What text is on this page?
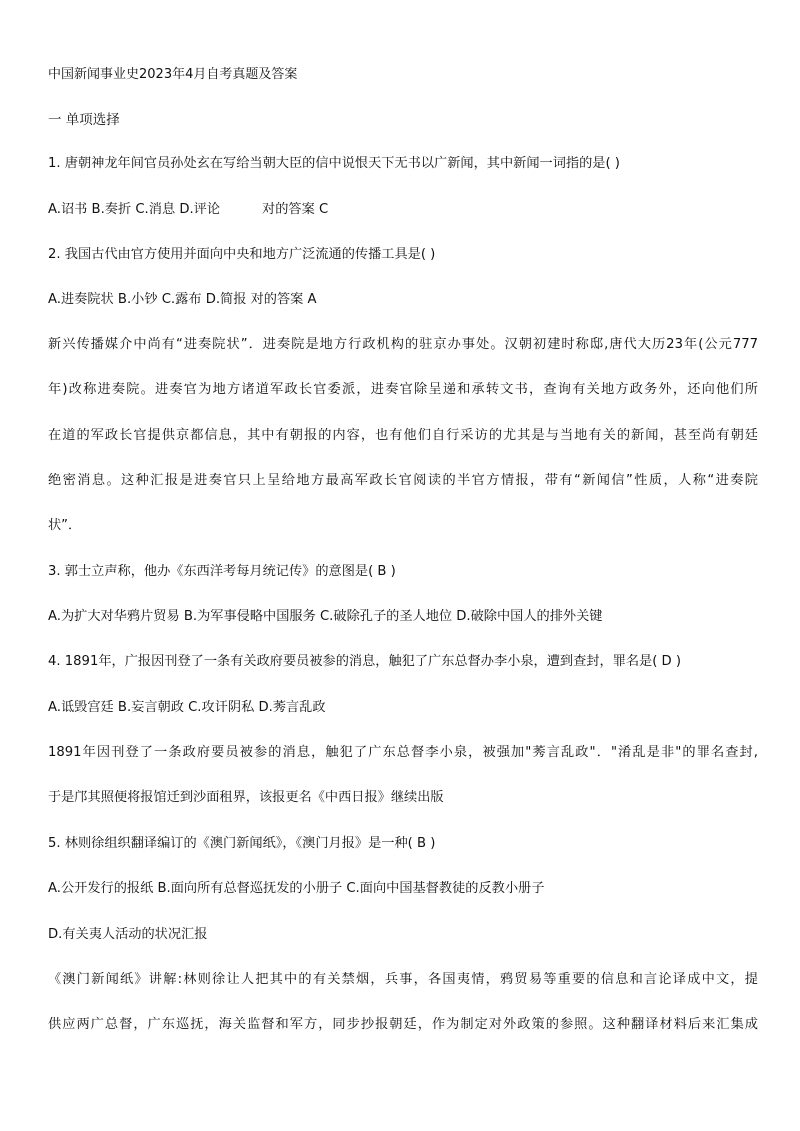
中国新闻事业史2023年4月自考真题及答案
一 单项选择
1. 唐朝神龙年间官员孙处玄在写给当朝大臣的信中说恨天下无书以广新闻，其中新闻一词指的是( )
A.诏书 B.奏折 C.消息 D.评论	对的答案 C
2. 我国古代由官方使用并面向中央和地方广泛流通的传播工具是( )
A.进奏院状 B.小钞 C.露布 D.简报 对的答案 A
新兴传播媒介中尚有“进奏院状”．进奏院是地方行政机构的驻京办事处。汉朝初建时称邸,唐代大历23年(公元777
年)改称进奏院。进奏官为地方诸道军政长官委派，进奏官除呈递和承转文书，查询有关地方政务外，还向他们所
在道的军政长官提供京都信息，其中有朝报的内容，也有他们自行采访的尤其是与当地有关的新闻，甚至尚有朝廷
绝密消息。这种汇报是进奏官只上呈给地方最高军政长官阅读的半官方情报，带有“新闻信”性质，人称“进奏院
状”．
3. 郭士立声称，他办《东西洋考每月统记传》的意图是( B )
A.为扩大对华鸦片贸易 B.为军事侵略中国服务 C.破除孔子的圣人地位 D.破除中国人的排外关键
4. 1891年，广报因刊登了一条有关政府要员被参的消息，触犯了广东总督办李小泉，遭到查封，罪名是( D )
A.诋毁宫廷 B.妄言朝政 C.攻讦阴私 D.莠言乱政
1891年因刊登了一条政府要员被参的消息，触犯了广东总督李小泉，被强加"莠言乱政"．"淆乱是非"的罪名查封,
于是邝其照便将报馆迁到沙面租界，该报更名《中西日报》继续出版
5. 林则徐组织翻译编订的《澳门新闻纸》，《澳门月报》是一种( B )
A.公开发行的报纸 B.面向所有总督巡抚发的小册子 C.面向中国基督教徒的反教小册子
D.有关夷人活动的状况汇报
《澳门新闻纸》讲解:林则徐让人把其中的有关禁烟，兵事，各国夷情，鸦贸易等重要的信息和言论译成中文，提
供应两广总督，广东巡抚，海关监督和军方，同步抄报朝廷，作为制定对外政策的参照。这种翻译材料后来汇集成
